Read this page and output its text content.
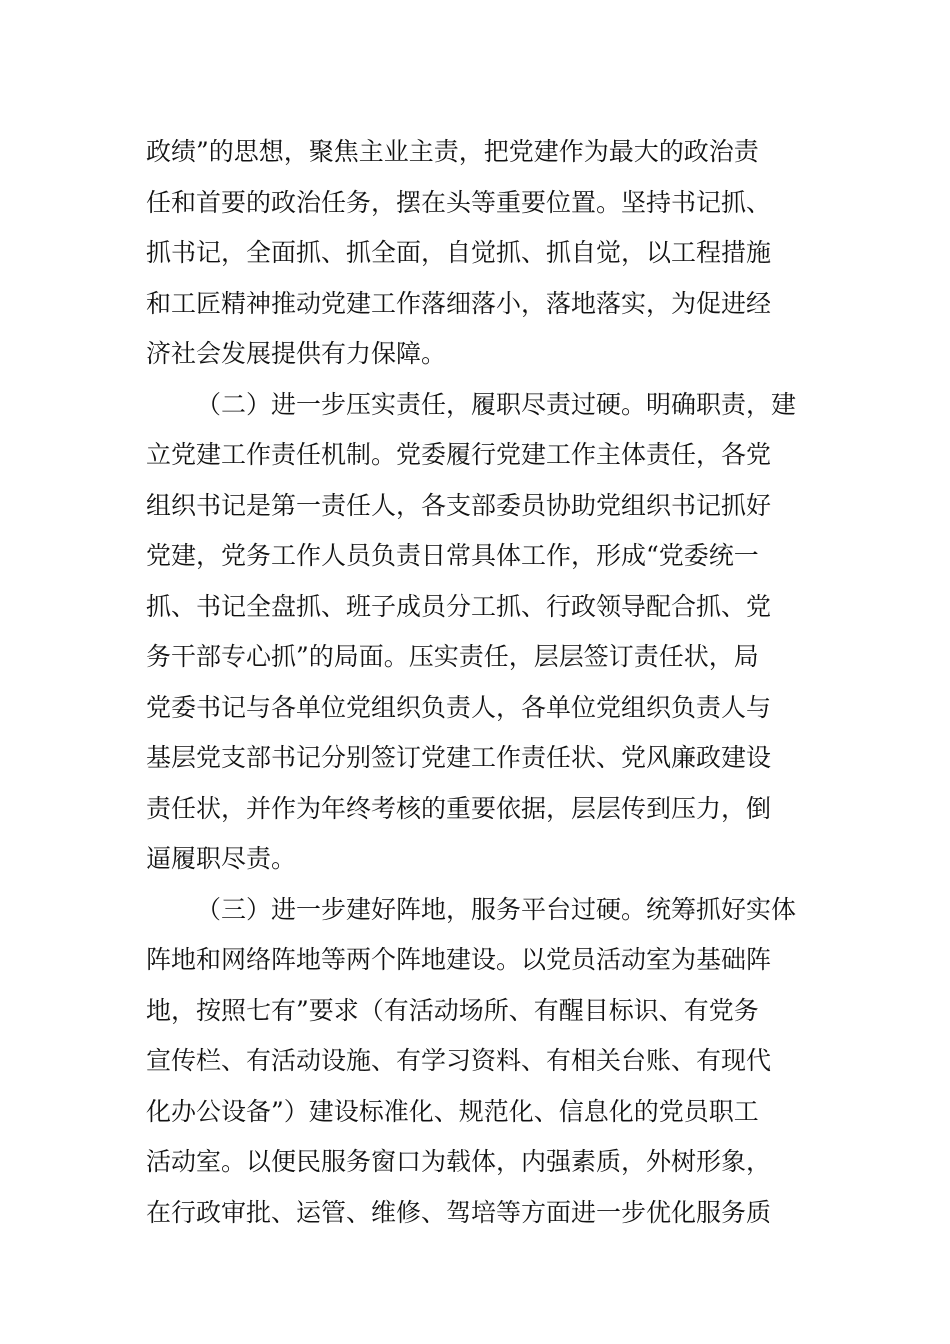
政绩”的思想，聚焦主业主责，把党建作为最大的政治责
任和首要的政治任务，摆在头等重要位置。坚持书记抓、
抓书记，全面抓、抓全面，自觉抓、抓自觉，以工程措施
和工匠精神推动党建工作落细落小，落地落实，为促进经
济社会发展提供有力保障。
（二）进一步压实责任，履职尽责过硬。明确职责，建
立党建工作责任机制。党委履行党建工作主体责任，各党
组织书记是第一责任人，各支部委员协助党组织书记抓好
党建，党务工作人员负责日常具体工作，形成“党委统一
抓、书记全盘抓、班子成员分工抓、行政领导配合抓、党
务干部专心抓”的局面。压实责任，层层签订责任状，局
党委书记与各单位党组织负责人，各单位党组织负责人与
基层党支部书记分别签订党建工作责任状、党风廉政建设
责任状，并作为年终考核的重要依据，层层传到压力，倒
逼履职尽责。
（三）进一步建好阵地，服务平台过硬。统筹抓好实体
阵地和网络阵地等两个阵地建设。以党员活动室为基础阵
地，按照七有”要求（有活动场所、有醒目标识、有党务
宣传栏、有活动设施、有学习资料、有相关台账、有现代
化办公设备”）建设标准化、规范化、信息化的党员职工
活动室。以便民服务窗口为载体，内强素质，外树形象，
在行政审批、运管、维修、驾培等方面进一步优化服务质
